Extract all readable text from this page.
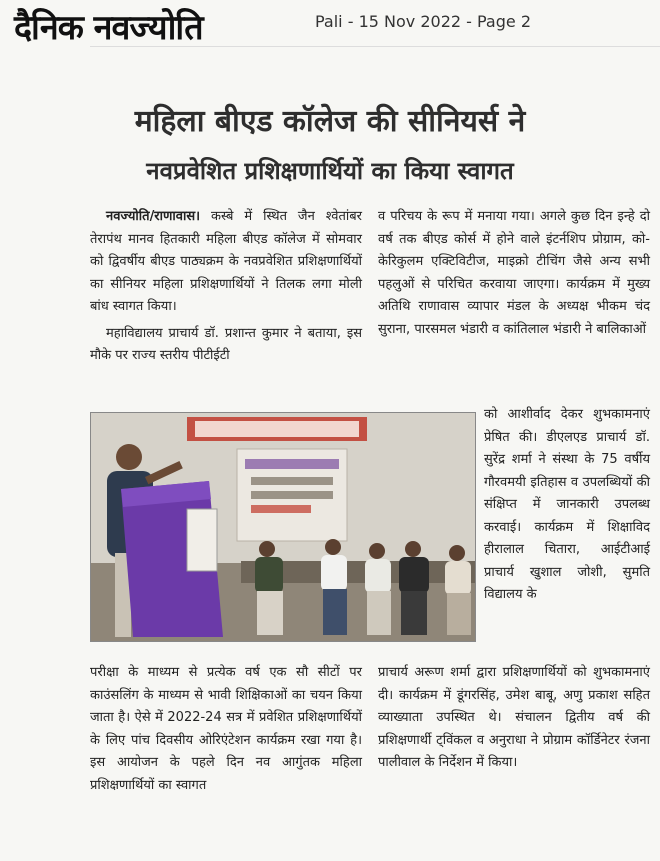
दैनिक नवज्योति	Pali - 15 Nov 2022 - Page 2
महिला बीएड कॉलेज की सीनियर्स ने
नवप्रवेशित प्रशिक्षणार्थियों का किया स्वागत

नवज्योति/राणावास। कस्बे में स्थित जैन श्वेतांबर तेरापंथ मानव हितकारी महिला बीएड कॉलेज में सोमवार को द्विवर्षीय बीएड पाठ्यक्रम के नवप्रवेशित प्रशिक्षणार्थियों का सीनियर महिला प्रशिक्षणार्थियों ने तिलक लगा मोली बांध स्वागत किया।

महाविद्यालय प्राचार्य डॉ. प्रशान्त कुमार ने बताया, इस मौके पर राज्य स्तरीय पीटीईटी

परीक्षा के माध्यम से प्रत्येक वर्ष एक सौ सीटों पर काउंसलिंग के माध्यम से भावी शिक्षिकाओं का चयन किया जाता है। ऐसे में 2022-24 सत्र में प्रवेशित प्रशिक्षणार्थियों के लिए पांच दिवसीय ओरिएंटेशन कार्यक्रम रखा गया है। इस आयोजन के पहले दिन नव आगुंतक महिला प्रशिक्षणार्थियों का स्वागत

व परिचय के रूप में मनाया गया। अगले कुछ दिन इन्हे दो वर्ष तक बीएड कोर्स में होने वाले इंटर्नशिप प्रोग्राम, को-केरिकुलम एक्टिविटीज, माइक्रो टीचिंग जैसे अन्य सभी पहलुओं से परिचित करवाया जाएगा। कार्यक्रम में मुख्य अतिथि राणावास व्यापार मंडल के अध्यक्ष भीकम चंद सुराना, पारसमल भंडारी व कांतिलाल भंडारी ने बालिकाओं

को आशीर्वाद देकर शुभकामनाएं प्रेषित की। डीएलएड प्राचार्य डॉ. सुरेंद्र शर्मा ने संस्था के 75 वर्षीय गौरवमयी इतिहास व उपलब्धियों की संक्षिप्त में जानकारी उपलब्ध करवाई। कार्यक्रम में शिक्षाविद हीरालाल चितारा, आईटीआई प्राचार्य खुशाल जोशी, सुमति विद्यालय के

प्राचार्य अरूण शर्मा द्वारा प्रशिक्षणार्थियों को शुभकामनाएं दी। कार्यक्रम में डूंगरसिंह, उमेश बाबू, अणु प्रकाश सहित व्याख्याता उपस्थित थे। संचालन द्वितीय वर्ष की प्रशिक्षणार्थी ट्विंकल व अनुराधा ने प्रोग्राम कॉर्डिनेटर रंजना पालीवाल के निर्देशन में किया।
